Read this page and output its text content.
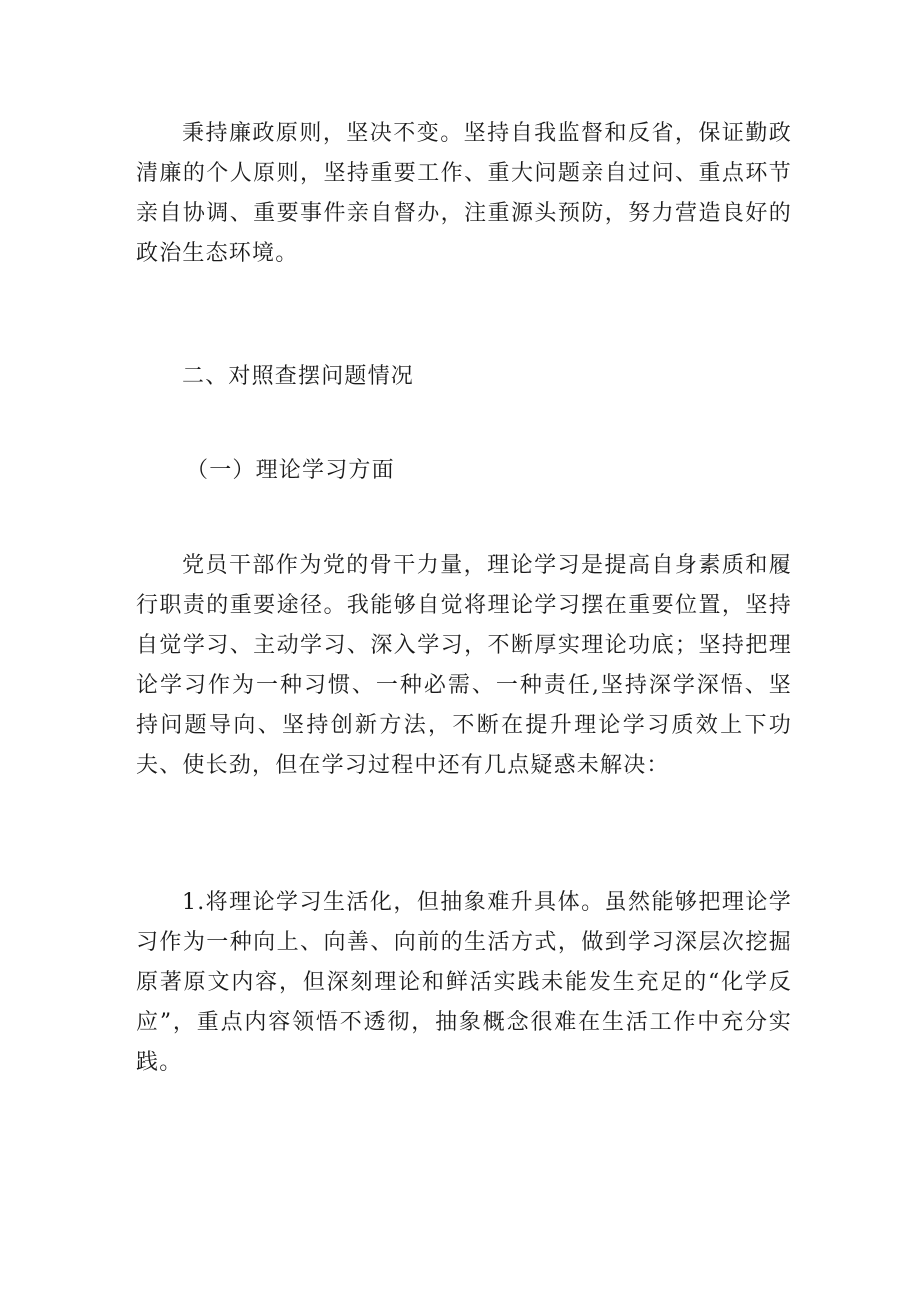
秉持廉政原则，坚决不变。坚持自我监督和反省，保证勤政清廉的个人原则，坚持重要工作、重大问题亲自过问、重点环节亲自协调、重要事件亲自督办，注重源头预防，努力营造良好的政治生态环境。

二、对照查摆问题情况

（一）理论学习方面

党员干部作为党的骨干力量，理论学习是提高自身素质和履行职责的重要途径。我能够自觉将理论学习摆在重要位置，坚持自觉学习、主动学习、深入学习，不断厚实理论功底；坚持把理论学习作为一种习惯、一种必需、一种责任,坚持深学深悟、坚持问题导向、坚持创新方法，不断在提升理论学习质效上下功夫、使长劲，但在学习过程中还有几点疑惑未解决：

1.将理论学习生活化，但抽象难升具体。虽然能够把理论学习作为一种向上、向善、向前的生活方式，做到学习深层次挖掘原著原文内容，但深刻理论和鲜活实践未能发生充足的“化学反应”，重点内容领悟不透彻，抽象概念很难在生活工作中充分实践。
